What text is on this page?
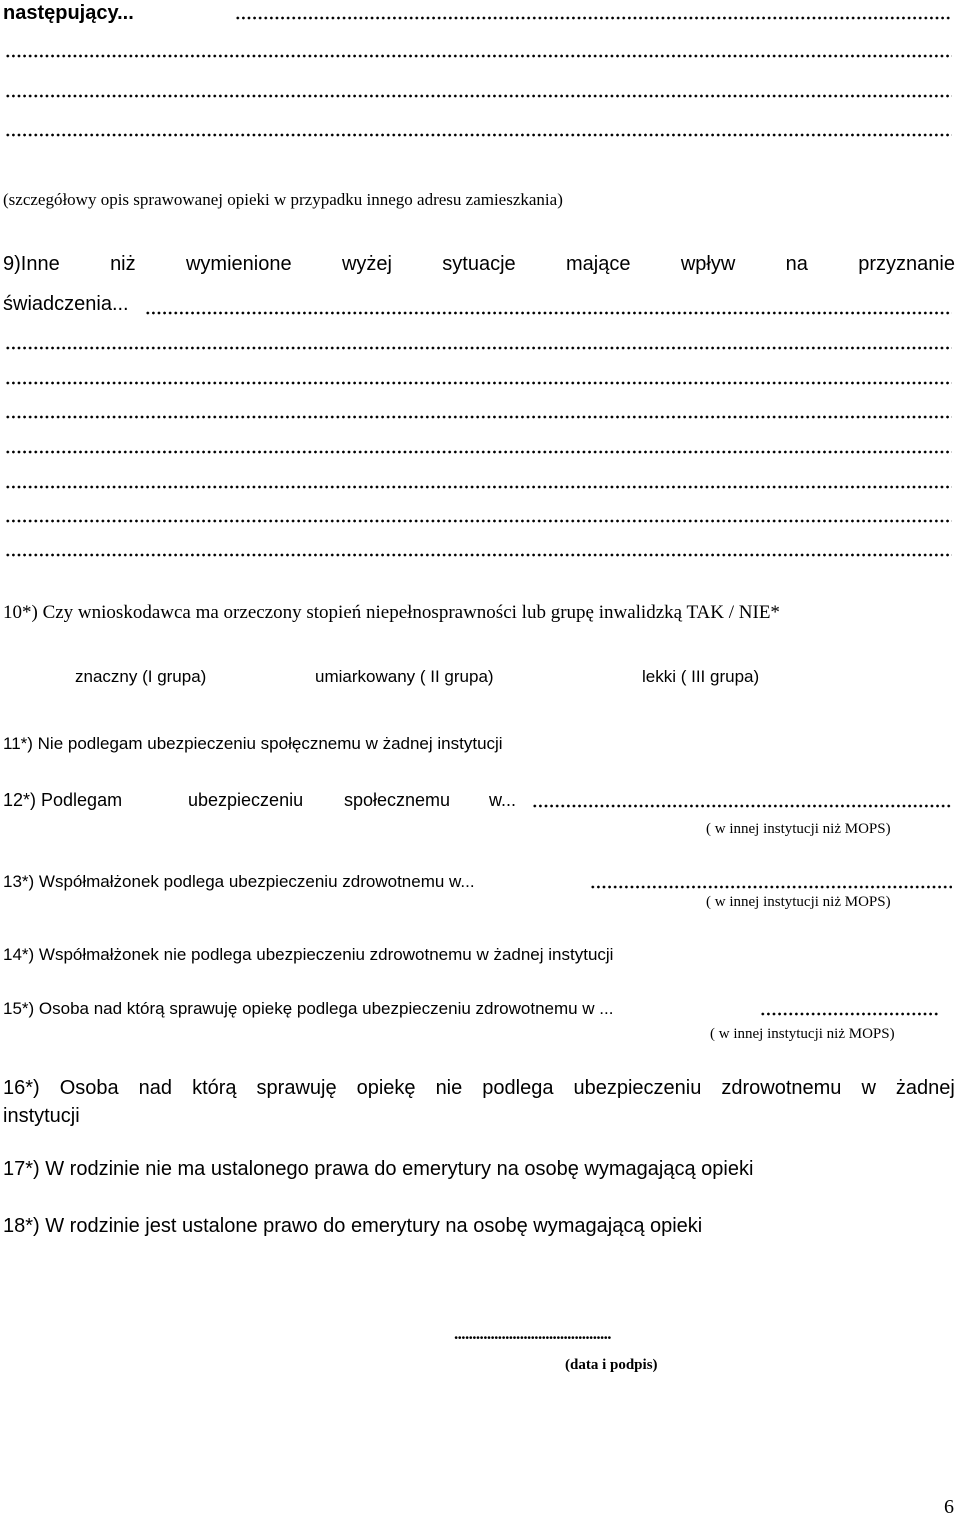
następujący...
(szczegółowy opis sprawowanej opieki w przypadku innego adresu zamieszkania)
9)Inne	niż	wymienione	wyżej	sytuacje	mające	wpływ	na	przyznanie
świadczenia...
10*) Czy wnioskodawca ma orzeczony stopień niepełnosprawności lub grupę inwalidzką TAK / NIE*
znaczny (I grupa)	umiarkowany ( II grupa)	lekki ( III grupa)
11*) Nie podlegam ubezpieczeniu społęcznemu w żadnej instytucji
12*) Podlegam	ubezpieczeniu społecznemu w...
( w innej instytucji niż MOPS)
13*) Współmałżonek podlega ubezpieczeniu zdrowotnemu w...
( w innej instytucji niż MOPS)
14*) Współmałżonek nie podlega ubezpieczeniu zdrowotnemu w żadnej instytucji
15*) Osoba nad którą sprawuję opiekę podlega ubezpieczeniu zdrowotnemu w ...
( w innej instytucji niż MOPS)
16*) Osoba nad którą sprawuję opiekę nie podlega ubezpieczeniu zdrowotnemu w żadnej
instytucji
17*) W rodzinie nie ma ustalonego prawa do emerytury na osobę wymagającą opieki
18*) W rodzinie jest ustalone prawo do emerytury na osobę wymagającą opieki
...........................................
(data i podpis)
6
